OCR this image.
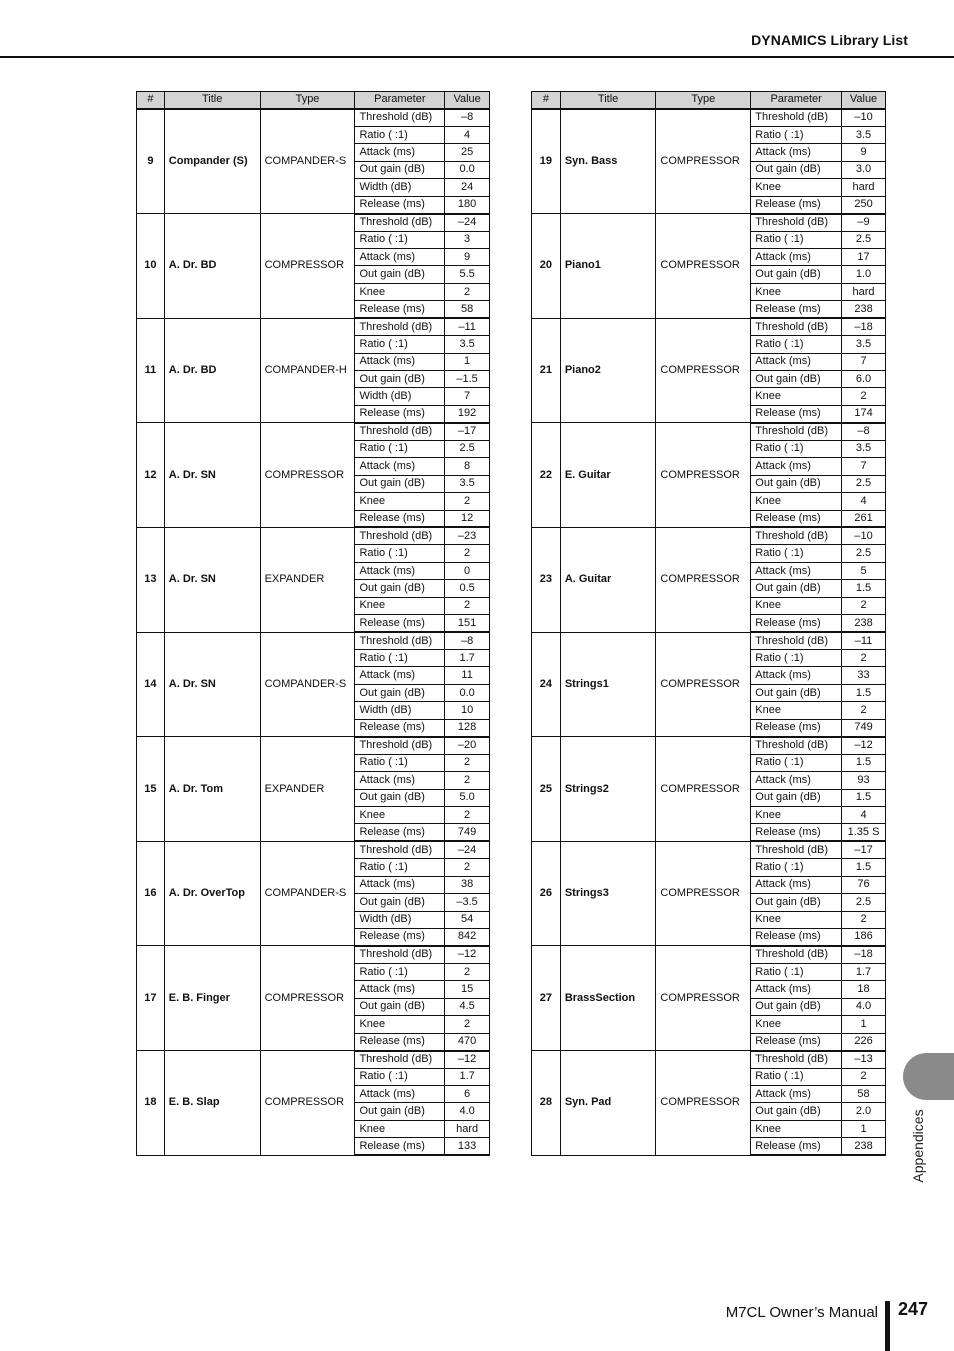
DYNAMICS Library List
#	Title	Type	Parameter	Value
9	Compander (S)	COMPANDER-S	Threshold (dB)	–8
			Ratio ( :1)	4
			Attack (ms)	25
			Out gain (dB)	0.0
			Width (dB)	24
			Release (ms)	180
10	A. Dr. BD	COMPRESSOR	Threshold (dB)	–24
			Ratio ( :1)	3
			Attack (ms)	9
			Out gain (dB)	5.5
			Knee	2
			Release (ms)	58
11	A. Dr. BD	COMPANDER-H	Threshold (dB)	–11
			Ratio ( :1)	3.5
			Attack (ms)	1
			Out gain (dB)	–1.5
			Width (dB)	7
			Release (ms)	192
12	A. Dr. SN	COMPRESSOR	Threshold (dB)	–17
			Ratio ( :1)	2.5
			Attack (ms)	8
			Out gain (dB)	3.5
			Knee	2
			Release (ms)	12
13	A. Dr. SN	EXPANDER	Threshold (dB)	–23
			Ratio ( :1)	2
			Attack (ms)	0
			Out gain (dB)	0.5
			Knee	2
			Release (ms)	151
14	A. Dr. SN	COMPANDER-S	Threshold (dB)	–8
			Ratio ( :1)	1.7
			Attack (ms)	11
			Out gain (dB)	0.0
			Width (dB)	10
			Release (ms)	128
15	A. Dr. Tom	EXPANDER	Threshold (dB)	–20
			Ratio ( :1)	2
			Attack (ms)	2
			Out gain (dB)	5.0
			Knee	2
			Release (ms)	749
16	A. Dr. OverTop	COMPANDER-S	Threshold (dB)	–24
			Ratio ( :1)	2
			Attack (ms)	38
			Out gain (dB)	–3.5
			Width (dB)	54
			Release (ms)	842
17	E. B. Finger	COMPRESSOR	Threshold (dB)	–12
			Ratio ( :1)	2
			Attack (ms)	15
			Out gain (dB)	4.5
			Knee	2
			Release (ms)	470
18	E. B. Slap	COMPRESSOR	Threshold (dB)	–12
			Ratio ( :1)	1.7
			Attack (ms)	6
			Out gain (dB)	4.0
			Knee	hard
			Release (ms)	133
#	Title	Type	Parameter	Value
19	Syn. Bass	COMPRESSOR	Threshold (dB)	–10
			Ratio ( :1)	3.5
			Attack (ms)	9
			Out gain (dB)	3.0
			Knee	hard
			Release (ms)	250
20	Piano1	COMPRESSOR	Threshold (dB)	–9
			Ratio ( :1)	2.5
			Attack (ms)	17
			Out gain (dB)	1.0
			Knee	hard
			Release (ms)	238
21	Piano2	COMPRESSOR	Threshold (dB)	–18
			Ratio ( :1)	3.5
			Attack (ms)	7
			Out gain (dB)	6.0
			Knee	2
			Release (ms)	174
22	E. Guitar	COMPRESSOR	Threshold (dB)	–8
			Ratio ( :1)	3.5
			Attack (ms)	7
			Out gain (dB)	2.5
			Knee	4
			Release (ms)	261
23	A. Guitar	COMPRESSOR	Threshold (dB)	–10
			Ratio ( :1)	2.5
			Attack (ms)	5
			Out gain (dB)	1.5
			Knee	2
			Release (ms)	238
24	Strings1	COMPRESSOR	Threshold (dB)	–11
			Ratio ( :1)	2
			Attack (ms)	33
			Out gain (dB)	1.5
			Knee	2
			Release (ms)	749
25	Strings2	COMPRESSOR	Threshold (dB)	–12
			Ratio ( :1)	1.5
			Attack (ms)	93
			Out gain (dB)	1.5
			Knee	4
			Release (ms)	1.35 S
26	Strings3	COMPRESSOR	Threshold (dB)	–17
			Ratio ( :1)	1.5
			Attack (ms)	76
			Out gain (dB)	2.5
			Knee	2
			Release (ms)	186
27	BrassSection	COMPRESSOR	Threshold (dB)	–18
			Ratio ( :1)	1.7
			Attack (ms)	18
			Out gain (dB)	4.0
			Knee	1
			Release (ms)	226
28	Syn. Pad	COMPRESSOR	Threshold (dB)	–13
			Ratio ( :1)	2
			Attack (ms)	58
			Out gain (dB)	2.0
			Knee	1
			Release (ms)	238	Appendices
M7CL Owner’s Manual 247
